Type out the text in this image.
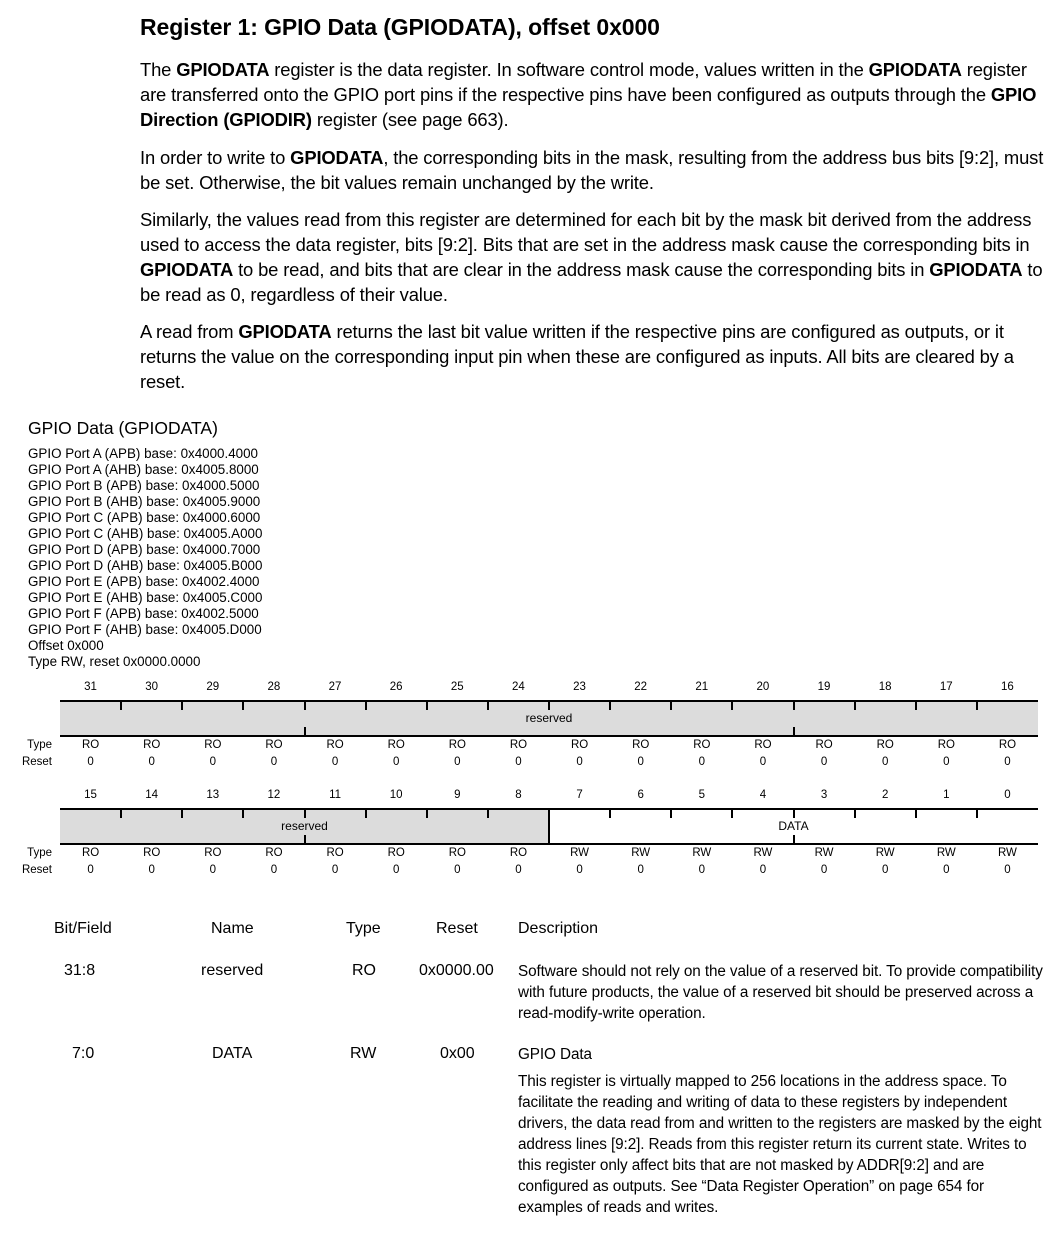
Register 1: GPIO Data (GPIODATA), offset 0x000

The GPIODATA register is the data register. In software control mode, values written in the GPIODATA register are transferred onto the GPIO port pins if the respective pins have been configured as outputs through the GPIO Direction (GPIODIR) register (see page 663).

In order to write to GPIODATA, the corresponding bits in the mask, resulting from the address bus bits [9:2], must be set. Otherwise, the bit values remain unchanged by the write.

Similarly, the values read from this register are determined for each bit by the mask bit derived from the address used to access the data register, bits [9:2]. Bits that are set in the address mask cause the corresponding bits in GPIODATA to be read, and bits that are clear in the address mask cause the corresponding bits in GPIODATA to be read as 0, regardless of their value.

A read from GPIODATA returns the last bit value written if the respective pins are configured as outputs, or it returns the value on the corresponding input pin when these are configured as inputs. All bits are cleared by a reset.

GPIO Data (GPIODATA)
GPIO Port A (APB) base: 0x4000.4000
GPIO Port A (AHB) base: 0x4005.8000
GPIO Port B (APB) base: 0x4000.5000
GPIO Port B (AHB) base: 0x4005.9000
GPIO Port C (APB) base: 0x4000.6000
GPIO Port C (AHB) base: 0x4005.A000
GPIO Port D (APB) base: 0x4000.7000
GPIO Port D (AHB) base: 0x4005.B000
GPIO Port E (APB) base: 0x4002.4000
GPIO Port E (AHB) base: 0x4005.C000
GPIO Port F (APB) base: 0x4002.5000
GPIO Port F (AHB) base: 0x4005.D000
Offset 0x000
Type RW, reset 0x0000.0000
31	30	29	28	27	26	25	24	23	22	21	20	19	18	17	16
reserved
Type
Reset
RO	RO	RO	RO	RO	RO	RO	RO	RO	RO	RO	RO	RO	RO	RO	RO
0	0	0	0	0	0	0	0	0	0	0	0	0	0	0	0
15	14	13	12	11	10	9	8	7	6	5	4	3	2	1	0
reserved	DATA
Type
Reset
RO	RO	RO	RO	RO	RO	RO	RO	RW	RW	RW	RW	RW	RW	RW	RW
0	0	0	0	0	0	0	0	0	0	0	0	0	0	0	0
Bit/Field	Name	Type	Reset	Description
31:8	reserved	RO	0x0000.00 Software should not rely on the value of a reserved bit. To provide compatibility with future products, the value of a reserved bit should be preserved across a read-modify-write operation.
7:0	DATA	RW	0x00	GPIO Data
This register is virtually mapped to 256 locations in the address space. To facilitate the reading and writing of data to these registers by independent drivers, the data read from and written to the registers are masked by the eight address lines [9:2]. Reads from this register return its current state. Writes to this register only affect bits that are not masked by ADDR[9:2] and are configured as outputs. See “Data Register Operation” on page 654 for examples of reads and writes.
